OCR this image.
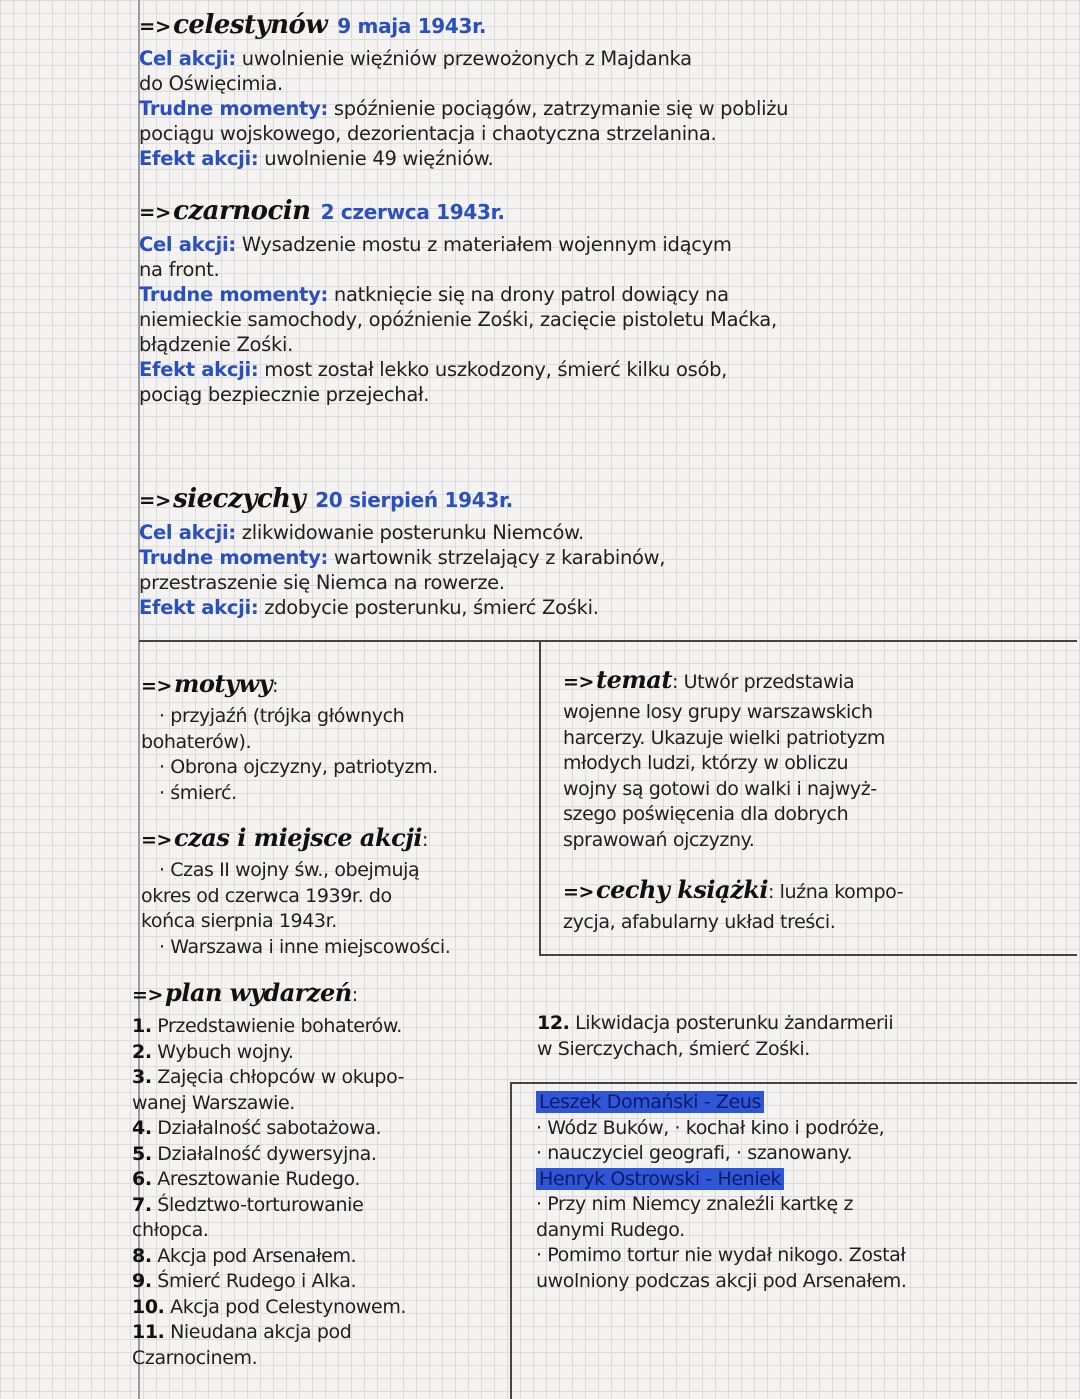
=>celestynów 9 maja 1943r.
Cel akcji: uwolnienie więźniów przewożonych z Majdanka
do Oświęcimia.
Trudne momenty: spóźnienie pociągów, zatrzymanie się w pobliżu
pociągu wojskowego, dezorientacja i chaotyczna strzelanina.
Efekt akcji: uwolnienie 49 więźniów.
=>czarnocin 2 czerwca 1943r.
Cel akcji: Wysadzenie mostu z materiałem wojennym idącym
na front.
Trudne momenty: natknięcie się na drony patrol dowiący na
niemieckie samochody, opóźnienie Zośki, zacięcie pistoletu Maćka,
błądzenie Zośki.
Efekt akcji: most został lekko uszkodzony, śmierć kilku osób,
pociąg bezpiecznie przejechał.
=>sieczychy 20 sierpień 1943r.
Cel akcji: zlikwidowanie posterunku Niemców.
Trudne momenty: wartownik strzelający z karabinów,
przestraszenie się Niemca na rowerze.
Efekt akcji: zdobycie posterunku, śmierć Zośki.
=>motywy:
· przyjaźń (trójka głównych
bohaterów).
· Obrona ojczyzny, patriotyzm.
· śmierć.
=>czas i miejsce akcji:
· Czas II wojny św., obejmują
okres od czerwca 1939r. do
końca sierpnia 1943r.
· Warszawa i inne miejscowości.
=>temat: Utwór przedstawia
wojenne losy grupy warszawskich
harcerzy. Ukazuje wielki patriotyzm
młodych ludzi, którzy w obliczu
wojny są gotowi do walki i najwyż-
szego poświęcenia dla dobrych
sprawowań ojczyzny.
=>cechy książki: luźna kompo-
zycja, afabularny układ treści.
=>plan wydarzeń:
1. Przedstawienie bohaterów.
2. Wybuch wojny.
3. Zajęcia chłopców w okupo-
wanej Warszawie.
4. Działalność sabotażowa.
5. Działalność dywersyjna.
6. Aresztowanie Rudego.
7. Śledztwo-torturowanie
chłopca.
8. Akcja pod Arsenałem.
9. Śmierć Rudego i Alka.
10. Akcja pod Celestynowem.
11. Nieudana akcja pod
Czarnocinem.
12. Likwidacja posterunku żandarmerii
w Sierczychach, śmierć Zośki.
Leszek Domański - Zeus
· Wódz Buków, · kochał kino i podróże,
· nauczyciel geografi, · szanowany.
Henryk Ostrowski - Heniek
· Przy nim Niemcy znaleźli kartkę z
danymi Rudego.
· Pomimo tortur nie wydał nikogo. Został
uwolniony podczas akcji pod Arsenałem.
